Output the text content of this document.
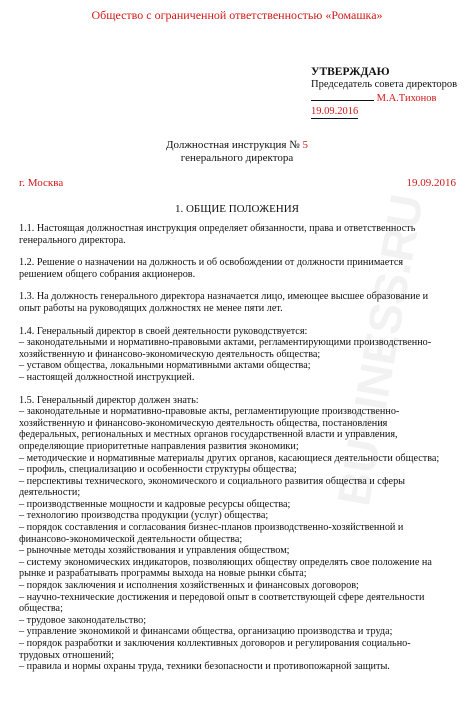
BUSINESS.RU
Общество с ограниченной ответственностью «Ромашка»
УТВЕРЖДАЮ
Председатель совета директоров
М.А.Тихонов
19.09.2016
Должностная инструкция № 5
генерального директора
г. Москва	19.09.2016
1. ОБЩИЕ ПОЛОЖЕНИЯ
1.1. Настоящая должностная инструкция определяет обязанности, права и ответственность
генерального директора.
1.2. Решение о назначении на должность и об освобождении от должности принимается
решением общего собрания акционеров.
1.3. На должность генерального директора назначается лицо, имеющее высшее образование и
опыт работы на руководящих должностях не менее пяти лет.
1.4. Генеральный директор в своей деятельности руководствуется:
– законодательными и нормативно-правовыми актами, регламентирующими производственно-
хозяйственную и финансово-экономическую деятельность общества;
– уставом общества, локальными нормативными актами общества;
– настоящей должностной инструкцией.
1.5. Генеральный директор должен знать:
– законодательные и нормативно-правовые акты, регламентирующие производственно-
хозяйственную и финансово-экономическую деятельность общества, постановления
федеральных, региональных и местных органов государственной власти и управления,
определяющие приоритетные направления развития экономики;
– методические и нормативные материалы других органов, касающиеся деятельности общества;
– профиль, специализацию и особенности структуры общества;
– перспективы технического, экономического и социального развития общества и сферы
деятельности;
– производственные мощности и кадровые ресурсы общества;
– технологию производства продукции (услуг) общества;
– порядок составления и согласования бизнес-планов производственно-хозяйственной и
финансово-экономической деятельности общества;
– рыночные методы хозяйствования и управления обществом;
– систему экономических индикаторов, позволяющих обществу определять свое положение на
рынке и разрабатывать программы выхода на новые рынки сбыта;
– порядок заключения и исполнения хозяйственных и финансовых договоров;
– научно-технические достижения и передовой опыт в соответствующей сфере деятельности
общества;
– трудовое законодательство;
– управление экономикой и финансами общества, организацию производства и труда;
– порядок разработки и заключения коллективных договоров и регулирования социально-
трудовых отношений;
– правила и нормы охраны труда, техники безопасности и противопожарной защиты.
